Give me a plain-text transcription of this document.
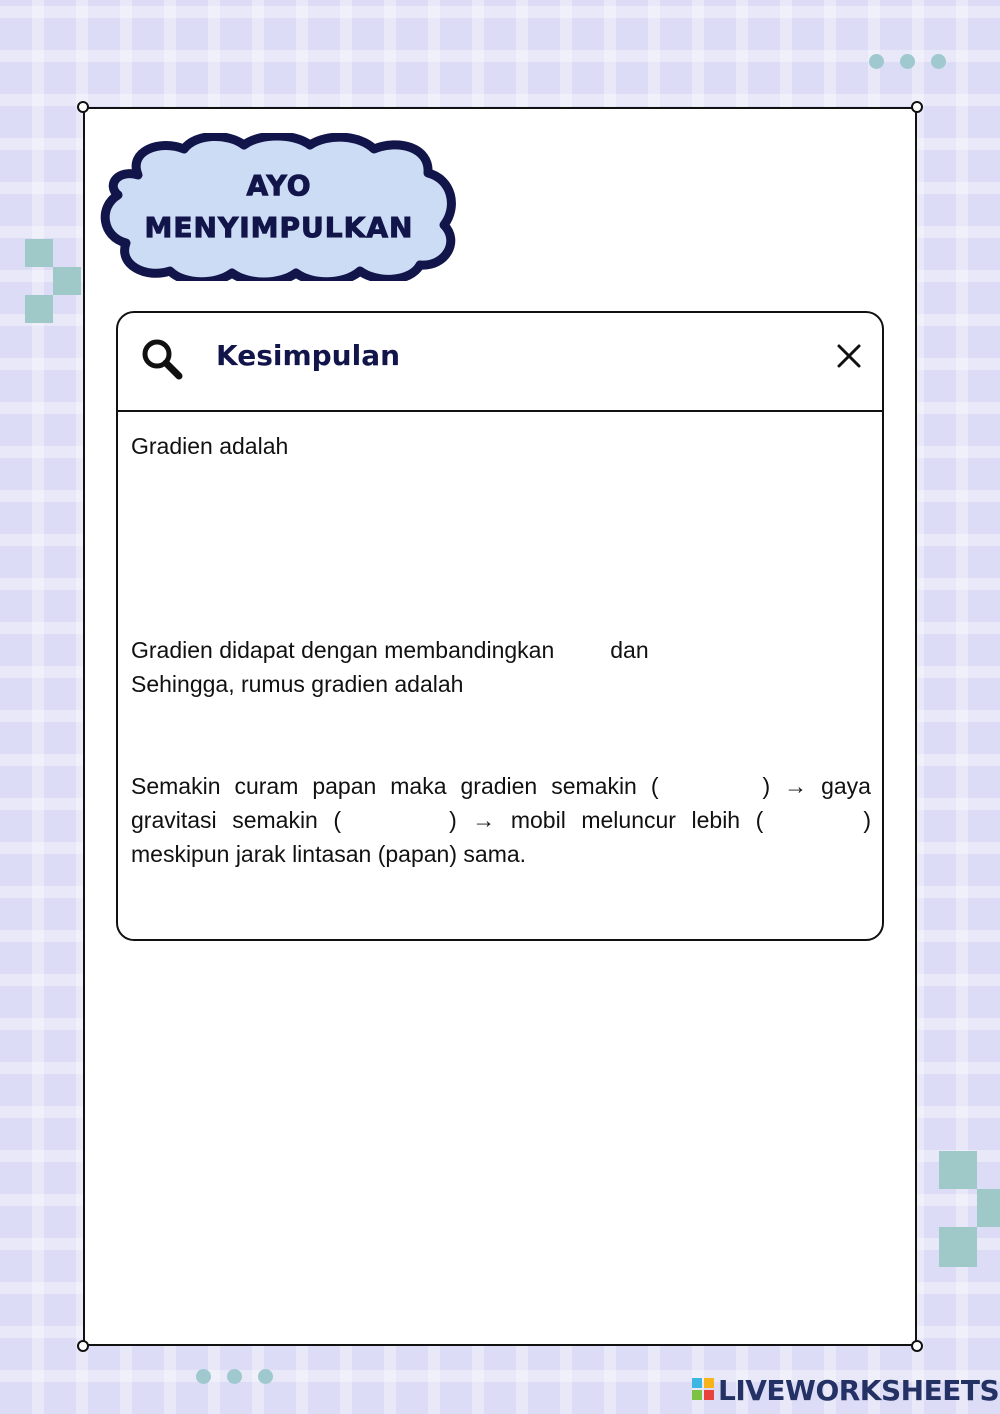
AYO
MENYIMPULKAN
Kesimpulan
Gradien adalah
Gradien didapat dengan membandingkan dan
Sehingga, rumus gradien adalah
Semakin curam papan maka gradien semakin (	) → gaya gravitasi semakin (	) → mobil meluncur lebih (	) meskipun jarak lintasan (papan) sama.
LIVEWORKSHEETS
